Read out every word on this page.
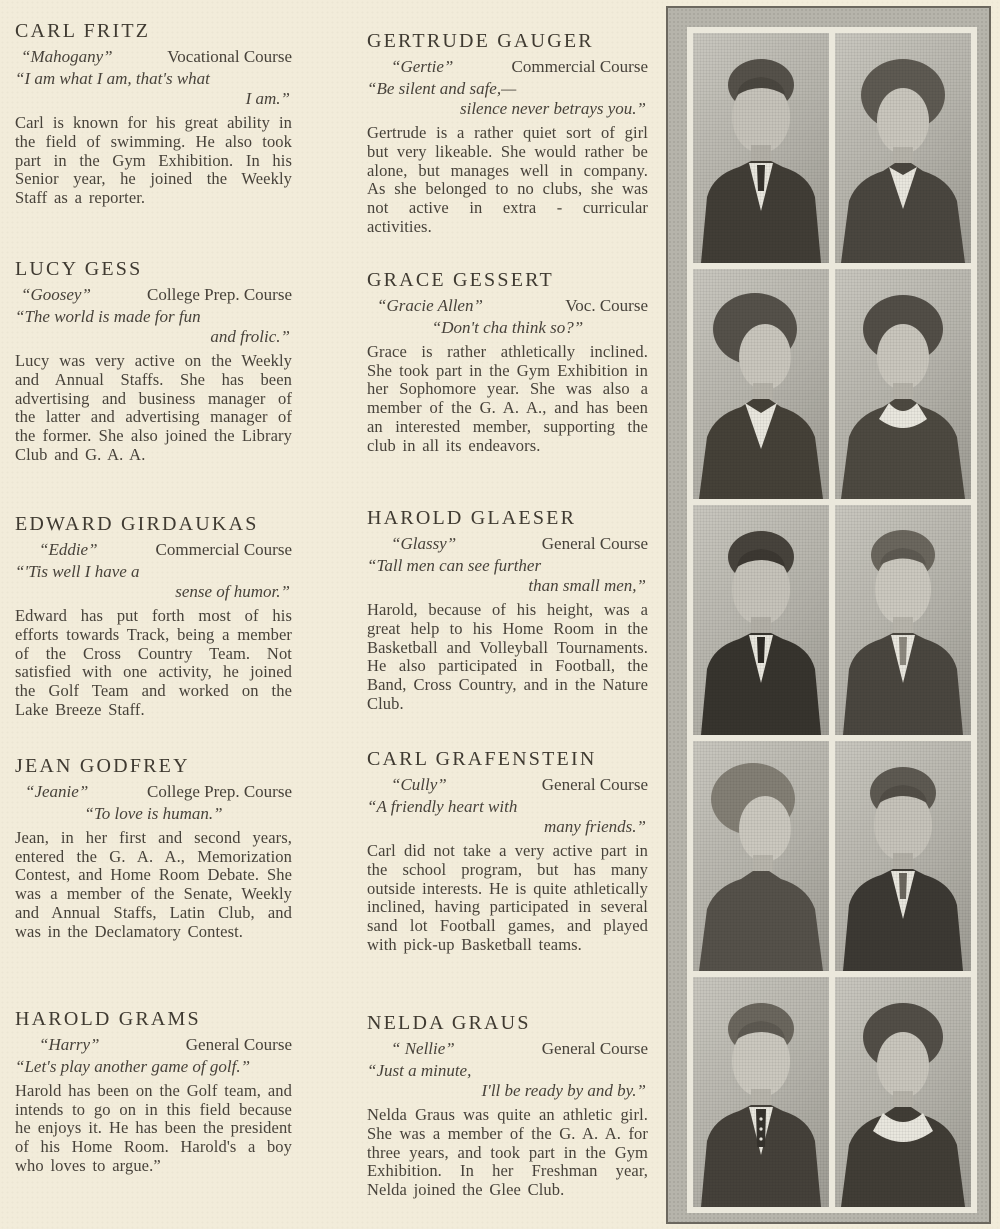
CARL FRITZ
“Mahogany”	Vocational Course
“I am what I am, that's what
I am.”

Carl is known for his great ability in the field of swimming. He also took part in the Gym Exhibition. In his Senior year, he joined the Weekly Staff as a reporter.

LUCY GESS
“Goosey”	College Prep. Course
“The world is made for fun
and frolic.”

Lucy was very active on the Weekly and Annual Staffs. She has been advertising and business manager of the latter and advertising manager of the former. She also joined the Library Club and G. A. A.

EDWARD GIRDAUKAS
“Eddie”	Commercial Course
“'Tis well I have a
sense of humor.”

Edward has put forth most of his efforts towards Track, being a member of the Cross Country Team. Not satisfied with one activity, he joined the Golf Team and worked on the Lake Breeze Staff.

JEAN GODFREY
“Jeanie”	College Prep. Course
“To love is human.”

Jean, in her first and second years, entered the G. A. A., Memorization Contest, and Home Room Debate. She was a member of the Senate, Weekly and Annual Staffs, Latin Club, and was in the Declamatory Contest.

HAROLD GRAMS
“Harry”	General Course
“Let's play another game of golf.”

Harold has been on the Golf team, and intends to go on in this field because he enjoys it. He has been the president of his Home Room. Harold's a boy who loves to argue.”

GERTRUDE GAUGER
“Gertie”	Commercial Course
“Be silent and safe,—
silence never betrays you.”

Gertrude is a rather quiet sort of girl but very likeable. She would rather be alone, but manages well in company. As she belonged to no clubs, she was not active in extra - curricular activities.

GRACE GESSERT
“Gracie Allen”	Voc. Course
“Don't cha think so?”

Grace is rather athletically inclined. She took part in the Gym Exhibition in her Sophomore year. She was also a member of the G. A. A., and has been an interested member, supporting the club in all its endeavors.

HAROLD GLAESER
“Glassy”	General Course
“Tall men can see further
than small men,”

Harold, because of his height, was a great help to his Home Room in the Basketball and Volleyball Tournaments. He also participated in Football, the Band, Cross Country, and in the Nature Club.

CARL GRAFENSTEIN
“Cully”	General Course
“A friendly heart with
many friends.”

Carl did not take a very active part in the school program, but has many outside interests. He is quite athletically inclined, having participated in several sand lot Football games, and played with pick-up Basketball teams.

NELDA GRAUS
“ Nellie”	General Course
“Just a minute,
I'll be ready by and by.”

Nelda Graus was quite an athletic girl. She was a member of the G. A. A. for three years, and took part in the Gym Exhibition. In her Freshman year, Nelda joined the Glee Club.
